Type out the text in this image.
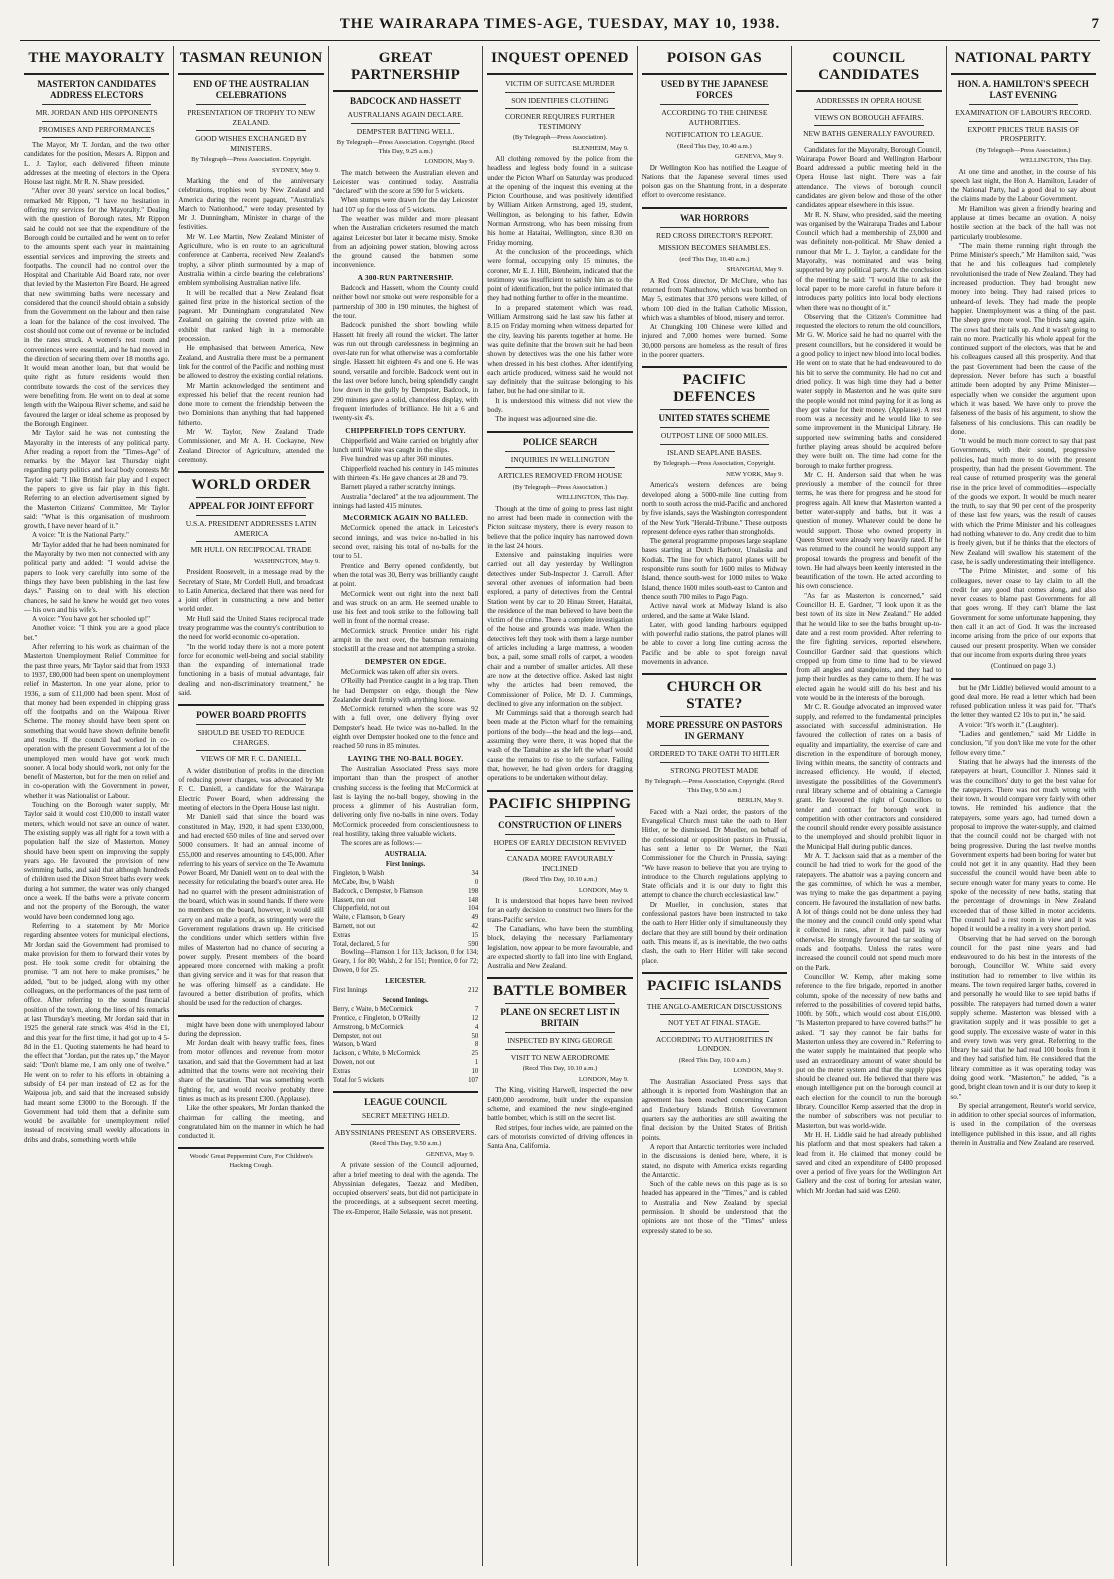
THE WAIRARAPA TIMES-AGE, TUESDAY, MAY 10, 1938.	7
THE MAYORALTY
MASTERTON CANDIDATES ADDRESS ELECTORS
MR. JORDAN AND HIS OPPONENTS
PROMISES AND PERFORMANCES

The Mayor, Mr T. Jordan, and the two other candidates for the position, Messrs A. Rippon and L. J. Taylor, each delivered fifteen minute addresses at the meeting of electors in the Opera House last night. Mr R. N. Shaw presided.

"After over 30 years' service on local bodies," remarked Mr Rippon, "I have no hesitation in offering my services for the Mayoralty." Dealing with the question of Borough rates, Mr Rippon said he could not see that the expenditure of the Borough could be curtailed and he went on to refer to the amounts spent each year in maintaining essential services and improving the streets and footpaths. The council had no control over the Hospital and Charitable Aid Board rate, nor over that levied by the Masterton Fire Board. He agreed that new swimming baths were necessary and considered that the council should obtain a subsidy from the Government on the labour and then raise a loan for the balance of the cost involved. The cost should not come out of revenue or be included in the rates struck. A women's rest room and conveniences were essential, and he had moved in the direction of securing them over 18 months ago. It would mean another loan, but that would be quite right as future residents would then contribute towards the cost of the services they were benefiting from. He went on to deal at some length with the Waipoua River scheme, and said he favoured the larger or ideal scheme as proposed by the Borough Engineer.

Mr Taylor said he was not contesting the Mayoralty in the interests of any political party. After reading a report from the "Times-Age" of remarks by the Mayor last Thursday night regarding party politics and local body contests Mr Taylor said: "I like British fair play and I expect the papers to give us fair play in this fight. Referring to an election advertisement signed by the Masterton Citizens' Committee, Mr Taylor said: "What is this organisation of mushroom growth, I have never heard of it."

A voice: "It is the National Party."

Mr Taylor added that he had been nominated for the Mayoralty by two men not connected with any political party and added: "I would advise the papers to look very carefully into some of the things they have been publishing in the last few days." Passing on to deal with his election chances, he said he knew he would get two votes — his own and his wife's.

A voice: "You have got her schooled up!"

Another voice: "I think you are a good place bet."

After referring to his work as chairman of the Masterton Unemployment Relief Committee for the past three years, Mr Taylor said that from 1933 to 1937, £80,000 had been spent on unemployment relief in Masterton. In one year alone, prior to 1936, a sum of £11,000 had been spent. Most of that money had been expended in chipping grass off the footpaths and on the Waipoua River Scheme. The money should have been spent on something that would have shown definite benefit and results. If the council had worked in co-operation with the present Government a lot of the unemployed men would have got work much sooner. A local body should work, not only for the benefit of Masterton, but for the men on relief and in co-operation with the Government in power, whether it was Nationalist or Labour.

Touching on the Borough water supply, Mr Taylor said it would cost £10,000 to install water meters, which would not save an ounce of water. The existing supply was all right for a town with a population half the size of Masterton. Money should have been spent on improving the supply years ago. He favoured the provision of new swimming baths, and said that although hundreds of children used the Dixon Street baths every week during a hot summer, the water was only changed once a week. If the baths were a private concern and not the property of the Borough, the water would have been condemned long ago.

Referring to a statement by Mr Morice regarding absentee voters for municipal elections, Mr Jordan said the Government had promised to make provision for them to forward their votes by post. He took some credit for obtaining the promise. "I am not here to make promises," he added, "but to be judged, along with my other colleagues, on the performances of the past term of office. After referring to the sound financial position of the town, along the lines of his remarks at last Thursday's meeting, Mr Jordan said that in 1925 the general rate struck was 4½d in the £1, and this year for the first time, it had got up to 4 5-8d in the £1. Quoting statements he had heard to the effect that "Jordan, put the rates up," the Mayor said: "Don't blame me, I am only one of twelve." He went on to refer to his efforts in obtaining a subsidy of £4 per man instead of £2 as for the Waipoua job, and said that the increased subsidy had meant some £3000 to the Borough. If the Government had told them that a definite sum would be available for unemployment relief instead of receiving small weekly allocations in dribs and drabs, something worth while

TASMAN REUNION
END OF THE AUSTRALIAN CELEBRATIONS
PRESENTATION OF TROPHY TO NEW ZEALAND.
GOOD WISHES EXCHANGED BY MINISTERS.
By Telegraph—Press Association. Copyright.
SYDNEY, May 9.

Marking the end of the anniversary celebrations, trophies won by New Zealand and America during the recent pageant, "Australia's March to Nationhood," were today presented by Mr J. Dunningham, Minister in charge of the festivities.

Mr W. Lee Martin, New Zealand Minister of Agriculture, who is en route to an agricultural conference at Canberra, received New Zealand's trophy, a silver plinth surmounted by a map of Australia within a circle bearing the celebrations' emblem symbolising Australian native life.

It will be recalled that a New Zealand float gained first prize in the historical section of the pageant. Mr Dunningham congratulated New Zealand on gaining the coveted prize with an exhibit that ranked high in a memorable procession.

He emphasised that between America, New Zealand, and Australia there must be a permanent link for the control of the Pacific and nothing must be allowed to destroy the existing cordial relations.

Mr Martin acknowledged the sentiment and expressed his belief that the recent reunion had done more to cement the friendship between the two Dominions than anything that had happened hitherto.

Mr W. Taylor, New Zealand Trade Commissioner, and Mr A. H. Cockayne, New Zealand Director of Agriculture, attended the ceremony.

WORLD ORDER
APPEAL FOR JOINT EFFORT
U.S.A. PRESIDENT ADDRESSES LATIN AMERICA
MR HULL ON RECIPROCAL TRADE
WASHINGTON, May 9.

President Roosevelt, in a message read by the Secretary of State, Mr Cordell Hull, and broadcast to Latin America, declared that there was need for a joint effort in constructing a new and better world order.

Mr Hull said the United States reciprocal trade treaty programme was the country's contribution to the need for world economic co-operation.

"In the world today there is not a more potent force for economic well-being and social stability than the expanding of international trade functioning in a basis of mutual advantage, fair dealing and non-discriminatory treatment," he said.

POWER BOARD PROFITS
SHOULD BE USED TO REDUCE CHARGES.
VIEWS OF MR F. C. DANIELL.

A wider distribution of profits in the direction of reducing power charges, was advocated by Mr F. C. Daniell, a candidate for the Wairarapa Electric Power Board, when addressing the meeting of electors in the Opera House last night.

Mr Daniell said that since the board was constituted in May, 1920, it had spent £330,000, and had erected 650 miles of line and served over 5000 consumers. It had an annual income of £55,000 and reserves amounting to £45,000. After referring to his years of service on the Te Awamutu Power Board, Mr Daniell went on to deal with the necessity for reticulating the board's outer area. He had no quarrel with the present administration of the board, which was in sound hands. If there were no members on the board, however, it would still carry on and make a profit, as stringently were the Government regulations drawn up. He criticised the conditions under which settlers within five miles of Masterton had no chance of securing a power supply. Present members of the board appeared more concerned with making a profit than giving service and it was for that reason that he was offering himself as a candidate. He favoured a better distribution of profits, which should be used for the reduction of charges.

might have been done with unemployed labour during the depression.

Mr Jordan dealt with heavy traffic fees, fines from motor offences and revenue from motor taxation, and said that the Government had at last admitted that the towns were not receiving their share of the taxation. That was something worth fighting for, and would receive probably three times as much as its present £300. (Applause).

Like the other speakers, Mr Jordan thanked the chairman for calling the meeting, and congratulated him on the manner in which he had conducted it.

Woods' Great Peppermint Cure, For Children's Hacking Cough.
GREAT PARTNERSHIP
BADCOCK AND HASSETT
AUSTRALIANS AGAIN DECLARE.
DEMPSTER BATTING WELL.
By Telegraph—Press Association. Copyright. (Recd This Day, 9.25 a.m.)
LONDON, May 9.

The match between the Australian eleven and Leicester was continued today. Australia "declared" with the score at 590 for 5 wickets.

When stumps were drawn for the day Leicester had 107 up for the loss of 5 wickets.

The weather was milder and more pleasant when the Australian cricketers resumed the match against Leicester but later it became misty. Smoke from an adjoining power station, blowing across the ground caused the batsmen some inconvenience.

A 300-RUN PARTNERSHIP.

Badcock and Hassett, whom the County could neither bowl nor smoke out were responsible for a partnership of 300 in 190 minutes, the highest of the tour.

Badcock punished the short bowling while Hassett hit freely all round the wicket. The latter was run out through carelessness in beginning an over-late run for what otherwise was a comfortable single. Hassett hit eighteen 4's and one 6. He was sound, versatile and forcible. Badcock went out in the last over before lunch, being splendidly caught low down in the gully by Dempster, Badcock, in 290 minutes gave a solid, chanceless display, with frequent interludes of brilliance. He hit a 6 and twenty-six 4's.

CHIPPERFIELD TOPS CENTURY.

Chipperfield and Waite carried on brightly after lunch until Waite was caught in the slips.

Five hundred was up after 360 minutes.

Chipperfield reached his century in 145 minutes with thirteen 4's. He gave chances at 28 and 79.

Barnett played a rather scratchy innings.

Australia "declared" at the tea adjournment. The innings had lasted 415 minutes.

McCORMICK AGAIN NO BALLED.

McCormick opened the attack in Leicester's second innings, and was twice no-balled in his second over, raising his total of no-balls for the tour to 51.

Prentice and Berry opened confidently, but when the total was 30, Berry was brilliantly caught at point.

McCormick went out right into the next ball and was struck on an arm. He seemed unable to use his feet and took strike to the following ball well in front of the normal crease.

McCormick struck Prentice under his right armpit in the next over, the batsman remaining stockstill at the crease and not attempting a stroke.

DEMPSTER ON EDGE.

McCormick was taken off after six overs.

O'Reilly had Prentice caught in a leg trap. Then he had Dempster on edge, though the New Zealander dealt firmly with anything loose.

McCormick returned when the score was 92 with a full over, one delivery flying over Dempster's head. He twice was no-balled. In the eighth over Dempster hooked one to the fence and reached 50 runs in 85 minutes.

LAYING THE NO-BALL BOGEY.

The Australian Associated Press says more important than than the prospect of another crushing success is the feeling that McCormick at last is laying the no-ball bogey, showing in the process a glimmer of his Australian form, delivering only five no-balls in nine overs. Today McCormick proceeded from conscientiousness to real hostility, taking three valuable wickets.

The scores are as follows:—

AUSTRALIA.
First Innings.
Fingleton, b Walsh	34
McCabe, lbw, b Walsh	0
Badcock, c Dempster, b Flamson	198
Hassett, run out	148
Chipperfield, not out	104
Waite, c Flamson, b Geary	49
Barnett, not out	42
Extras	15
Total, declared, 5 for	590

Bowling—Flamson 1 for 113; Jackson, 0 for 134; Geary, 1 for 80; Walsh, 2 for 151; Prentice, 0 for 72; Dowen, 0 for 25.

LEICESTER.
First Innings	212
Second Innings.
Berry, c Waite, b McCormick	7
Prentice, c Fingleton, b O'Reilly	12
Armstrong, b McCormick	4
Dempster, not out	50
Watson, b Ward	8
Jackson, c White, b McCormick	25
Dowen, not out	1
Extras	10
Total for 5 wickets	107
LEAGUE COUNCIL
SECRET MEETING HELD.
ABYSSINIANS PRESENT AS OBSERVERS.
(Recd This Day, 9.50 a.m.)
GENEVA, May 9.

A private session of the Council adjourned, after a brief meeting to deal with the agenda. The Abyssinian delegates, Taezaz and Mediben, occupied observers' seats, but did not participate in the proceedings, at a subsequent secret meeting. The ex-Emperor, Haile Selassie, was not present.

INQUEST OPENED
VICTIM OF SUITCASE MURDER
SON IDENTIFIES CLOTHING
CORONER REQUIRES FURTHER TESTIMONY
(By Telegraph—Press Association).
BLENHEIM, May 9.

All clothing removed by the police from the headless and legless body found in a suitcase under the Picton Wharf on Saturday was produced at the opening of the inquest this evening at the Picton Courthouse, and was positively identified by William Aitken Armstrong, aged 19, student, Wellington, as belonging to his father, Edwin Norman Armstrong, who has been missing from his home at Hataitai, Wellington, since 8.30 on Friday morning.

At the conclusion of the proceedings, which were formal, occupying only 15 minutes, the coroner, Mr E. J. Hill, Blenheim, indicated that the testimony was insufficient to satisfy him as to the point of identification, but the police intimated that they had nothing further to offer in the meantime.

In a prepared statement which was read, William Armstrong said he last saw his father at 8.15 on Friday morning when witness departed for the city, leaving his parents together at home. He was quite definite that the brown suit he had been shown by detectives was the one his father wore when dressed in his best clothes. After identifying each article produced, witness said he would not say definitely that the suitcase belonging to his father, but he had one similar to it.

It is understood this witness did not view the body.

The inquest was adjourned sine die.

POLICE SEARCH
INQUIRIES IN WELLINGTON
ARTICLES REMOVED FROM HOUSE
(By Telegraph—Press Association.)
WELLINGTON, This Day.

Though at the time of going to press last night no arrest had been made in connection with the Picton suitcase mystery, there is every reason to believe that the police inquiry has narrowed down in the last 24 hours.

Extensive and painstaking inquiries were carried out all day yesterday by Wellington detectives under Sub-Inspector J. Carroll. After several other avenues of information had been explored, a party of detectives from the Central Station went by car to 20 Hinau Street, Hataitai, the residence of the man believed to have been the victim of the crime. There a complete investigation of the house and grounds was made. When the detectives left they took with them a large number of articles including a large mattress, a wooden box, a pail, some small rolls of carpet, a wooden chair and a number of smaller articles. All these are now at the detective office. Asked last night why the articles had been removed, the Commissioner of Police, Mr D. J. Cummings, declined to give any information on the subject.

Mr Cummings said that a thorough search had been made at the Picton wharf for the remaining portions of the body—the head and the legs—and, assuming they were there, it was hoped that the wash of the Tamahine as she left the wharf would cause the remains to rise to the surface. Failing that, however, he had given orders for dragging operations to be undertaken without delay.

PACIFIC SHIPPING
CONSTRUCTION OF LINERS
HOPES OF EARLY DECISION REVIVED
CANADA MORE FAVOURABLY INCLINED
(Recd This Day, 10.10 a.m.)
LONDON, May 9.

It is understood that hopes have been revived for an early decision to construct two liners for the trans-Pacific service.

The Canadians, who have been the stumbling block, delaying the necessary Parliamentary legislation, now appear to be more favourable, and are expected shortly to fall into line with England, Australia and New Zealand.

BATTLE BOMBER
PLANE ON SECRET LIST IN BRITAIN
INSPECTED BY KING GEORGE
VISIT TO NEW AERODROME
(Recd This Day, 10.10 a.m.)
LONDON, May 9.

The King, visiting Harwell, inspected the new £400,000 aerodrome, built under the expansion scheme, and examined the new single-engined battle bomber, which is still on the secret list.

Red stripes, four inches wide, are painted on the cars of motorists convicted of driving offences in Santa Ana, California.

POISON GAS
USED BY THE JAPANESE FORCES
ACCORDING TO THE CHINESE AUTHORITIES.
NOTIFICATION TO LEAGUE.
(Recd This Day, 10.40 a.m.)
GENEVA, May 9.

Dr Wellington Koo has notified the League of Nations that the Japanese several times used poison gas on the Shantung front, in a desperate effort to overcome resistance.

WAR HORRORS
RED CROSS DIRECTOR'S REPORT.
MISSION BECOMES SHAMBLES.
(ecd This Day, 10.40 a.m.)
SHANGHAI, May 9.

A Red Cross director, Dr McClure, who has returned from Nanhuchow, which was bombed on May 5, estimates that 370 persons were killed, of whom 100 died in the Italian Catholic Mission, which was a shambles of blood, misery and terror.

At Chungking 100 Chinese were killed and injured and 7,000 homes were burned. Some 30,000 persons are homeless as the result of fires in the poorer quarters.

PACIFIC DEFENCES
UNITED STATES SCHEME
OUTPOST LINE OF 5000 MILES.
ISLAND SEAPLANE BASES.
By Telegraph.—Press Association, Copyright.
NEW YORK, May 9.

America's western defences are being developed along a 5000-mile line cutting from north to south across the mid-Pacific and anchored by five islands, says the Washington correspondent of the New York "Herald-Tribune." These outposts represent defence eyes rather than strongholds.

The general programme proposes large seaplane bases starting at Dutch Harbour, Unalaska and Kodiak. The line for which patrol planes will be responsible runs south for 1600 miles to Midway Island, thence south-west for 1000 miles to Wake Island, thence 1600 miles south-east to Canton and thence south 700 miles to Pago Pago.

Active naval work at Midway Island is also ordered, and the same at Wake Island.

Later, with good landing harbours equipped with powerful radio stations, the patrol planes will be able to cover a long line cutting across the Pacific and be able to spot foreign naval movements in advance.

CHURCH OR STATE?
MORE PRESSURE ON PASTORS IN GERMANY
ORDERED TO TAKE OATH TO HITLER
STRONG PROTEST MADE
By Telegraph.—Press Association, Copyright. (Recd This Day, 9.50 a.m.)
BERLIN, May 9.

Faced with a Nazi order, the pastors of the Evangelical Church must take the oath to Herr Hitler, or be dismissed. Dr Mueller, on behalf of the confessional or opposition pastors in Prussia, has sent a letter to Dr Werner, the Nazi Commissioner for the Church in Prussia, saying: "We have reason to believe that you are trying to introduce to the Church regulations applying to State officials and it is our duty to fight this attempt to chance the church ecclesiastical law."

Dr Mueller, in conclusion, states that confessional pastors have been instructed to take the oath to Herr Hitler only if simultaneously they declare that they are still bound by their ordination oath. This means if, as is inevitable, the two oaths clash, the oath to Herr Hitler will take second place.

PACIFIC ISLANDS
THE ANGLO-AMERICAN DISCUSSIONS
NOT YET AT FINAL STAGE.
ACCORDING TO AUTHORITIES IN LONDON.
(Recd This Day, 10.0 a.m.)
LONDON, May 9.

The Australian Associated Press says that although it is reported from Washington that an agreement has been reached concerning Canton and Enderbury Islands British Government quarters say the authorities are still awaiting the final decision by the United States of British points.

A report that Antarctic territories were included in the discussions is denied here, where, it is stated, no dispute with America exists regarding the Antarctic.

Such of the cable news on this page as is so headed has appeared in the "Times," and is cabled to Australia and New Zealand by special permission. It should be understood that the opinions are not those of the "Times" unless expressly stated to be so.

COUNCIL CANDIDATES
ADDRESSES IN OPERA HOUSE
VIEWS ON BOROUGH AFFAIRS.
NEW BATHS GENERALLY FAVOURED.

Candidates for the Mayoralty, Borough Council, Wairarapa Power Board and Wellington Harbour Board addressed a public meeting held in the Opera House last night. There was a fair attendance. The views of borough council candidates are given below and those of the other candidates appear elsewhere in this issue.

Mr R. N. Shaw, who presided, said the meeting was organised by the Wairarapa Trades and Labour Council which had a membership of 23,000 and was definitely non-political. Mr Shaw denied a rumour that Mr L. J. Taylor, a candidate for the Mayoralty, was nominated and was being supported by any political party. At the conclusion of the meeting he said: "I would like to ask the local paper to be more careful in future before it introduces party politics into local body elections when there was no thought of it."

Observing that the Citizen's Committee had requested the electors to return the old councillors, Mr G. W. Morice said he had no quarrel with the present councillors, but he considered it would be a good policy to inject new blood into local bodies. He went on to state that he had endeavoured to do his bit to serve the community. He had no cut and dried policy. It was high time they had a better water supply in Masterton and he was quite sure the people would not mind paying for it as long as they got value for their money. (Applause). A rest room was a necessity and he would like to see some improvement in the Municipal Library. He supported new swimming baths and considered further playing areas should be acquired before they were built on. The time had come for the borough to make further progress.

Mr C. H. Anderson said that when he was previously a member of the council for three terms, he was there for progress and he stood for progress again. All knew that Masterton wanted a better water-supply and baths, but it was a question of money. Whatever could be done he would support. Those who owned property in Queen Street were already very heavily rated. If he was returned to the council he would support any proposal towards the progress and benefit of the town. He had always been keenly interested in the beautification of the town. He acted according to his own conscience.

"As far as Masterton is concerned," said Councillor H. E. Gardner, "I look upon it as the best town of its size in New Zealand." He added that he would like to see the baths brought up-to-date and a rest room provided. After referring to the fire fighting services, reported elsewhere, Councillor Gardner said that questions which cropped up from time to time had to be viewed from all angles and standpoints, and they had to jump their hurdles as they came to them. If he was elected again he would still do his best and his vote would be in the interests of the borough.

Mr C. R. Goudge advocated an improved water supply, and referred to the fundamental principles associated with successful administration. He favoured the collection of rates on a basis of equality and impartiality, the exercise of care and discretion in the expenditure of borough money, living within means, the sanctity of contracts and increased efficiency. He would, if elected, investigate the possibilities of the Government's rural library scheme and of obtaining a Carnegie grant. He favoured the right of Councillors to tender and contract for borough work in competition with other contractors and considered the council should render every possible assistance to the unemployed and should prohibit liquor in the Municipal Hall during public dances.

Mr A. T. Jackson said that as a member of the council he had tried to work for the good of the ratepayers. The abattoir was a paying concern and the gas committee, of which he was a member, was trying to make the gas department a paying concern. He favoured the installation of new baths. A lot of things could not be done unless they had the money and the council could only spend what it collected in rates, after it had paid its way otherwise. He strongly favoured the tar sealing of roads and footpaths. Unless the rates were increased the council could not spend much more on the Park.

Councillor W. Kemp, after making some reference to the fire brigade, reported in another column, spoke of the necessity of new baths and referred to the possibilities of covered tepid baths, 100ft. by 50ft., which would cost about £16,000. "Is Masterton prepared to have covered baths?" he asked. "I say they cannot be fair baths for Masterton unless they are covered in." Referring to the water supply he maintained that people who used an extraordinary amount of water should be put on the meter system and that the supply pipes should be cleaned out. He believed that there was enough intelligence put on the borough council at each election for the council to run the borough library. Councillor Kemp asserted that the drop in the number of subscribers was not peculiar to Masterton, but was world-wide.

Mr H. H. Liddle said he had already published his platform and that most speakers had taken a lead from it. He claimed that money could be saved and cited an expenditure of £400 proposed over a period of five years for the Wellington Art Gallery and the cost of boring for artesian water, which Mr Jordan had said was £260.

NATIONAL PARTY
HON. A. HAMILTON'S SPEECH LAST EVENING
EXAMINATION OF LABOUR'S RECORD.
EXPORT PRICES TRUE BASIS OF PROSPERITY.
(By Telegraph—Press Association.)
WELLINGTON, This Day.

At one time and another, in the course of his speech last night, the Hon A. Hamilton, Leader of the National Party, had a good deal to say about the claims made by the Labour Government.

Mr Hamilton was given a friendly hearing and applause at times became an ovation. A noisy hostile section at the back of the hall was not particularly troublesome.

"The main theme running right through the Prime Minister's speech," Mr Hamilton said, "was that he and his colleagues had completely revolutionised the trade of New Zealand. They had increased production. They had brought new money into being. They had raised prices to unheard-of levels. They had made the people happier. Unemployment was a thing of the past. The sheep grew more wool. The birds sang again. The cows had their tails up. And it wasn't going to rain no more. Practically his whole appeal for the continued support of the electors, was that he and his colleagues caused all this prosperity. And that the past Government had been the cause of the depression. Never before has such a boastful attitude been adopted by any Prime Minister—especially when we consider the argument upon which it was based. We have only to prove the falseness of the basis of his argument, to show the falseness of his conclusions. This can readily be done.

"It would be much more correct to say that past Governments, with their sound, progressive policies, had much more to do with the present prosperity, than had the present Government. The real cause of returned prosperity was the general rise in the price level of commodities—especially of the goods we export. It would be much nearer the truth, to say that 90 per cent of the prosperity of these last few years, was the result of causes with which the Prime Minister and his colleagues had nothing whatever to do. Any credit due to him is freely given, but if he thinks that the electors of New Zealand will swallow his statement of the case, he is sadly underestimating their intelligence.

"The Prime Minister, and some of his colleagues, never cease to lay claim to all the credit for any good that comes along, and also never ceases to blame past Governments for all that goes wrong. If they can't blame the last Government for some unfortunate happening, they then call it an act of God. It was the increased income arising from the price of our exports that caused our present prosperity. When we consider that our income from exports during three years

(Continued on page 3.)

but he (Mr Liddle) believed would amount to a good deal more. He read a letter which had been refused publication unless it was paid for. "That's the letter they wanted £2 10s to put in," he said.

A voice: "It's worth it." (Laughter).

"Ladies and gentlemen," said Mr Liddle in conclusion, "if you don't like me vote for the other fellow every time."

Stating that he always had the interests of the ratepayers at heart, Councillor J. Ninnes said it was the councillors' duty to get the best value for the ratepayers. There was not much wrong with their town. It would compare very fairly with other towns. He reminded his audience that the ratepayers, some years ago, had turned down a proposal to improve the water-supply, and claimed that the council could not be charged with not being progressive. During the last twelve months Government experts had been boring for water but could not get it in any quantity. Had they been successful the council would have been able to secure enough water for many years to come. He spoke of the necessity of new baths, stating that the percentage of drownings in New Zealand exceeded that of those killed in motor accidents. The council had a rest room in view and it was hoped it would be a reality in a very short period.

Observing that he had served on the borough council for the past nine years and had endeavoured to do his best in the interests of the borough, Councillor W. White said every institution had to remember to live within its means. The town required larger baths, covered in and personally he would like to see tepid baths if possible. The ratepayers had turned down a water supply scheme. Masterton was blessed with a gravitation supply and it was possible to get a good supply. The excessive waste of water in this and every town was very great. Referring to the library he said that he had read 100 books from it and they had satisfied him. He considered that the library committee as it was operating today was doing good work. "Masterton," he added, "is a good, bright clean town and it is our duty to keep it so."

By special arrangement, Reuter's world service, in addition to other special sources of information, is used in the compilation of the overseas intelligence published in this issue, and all rights therein in Australia and New Zealand are reserved.
